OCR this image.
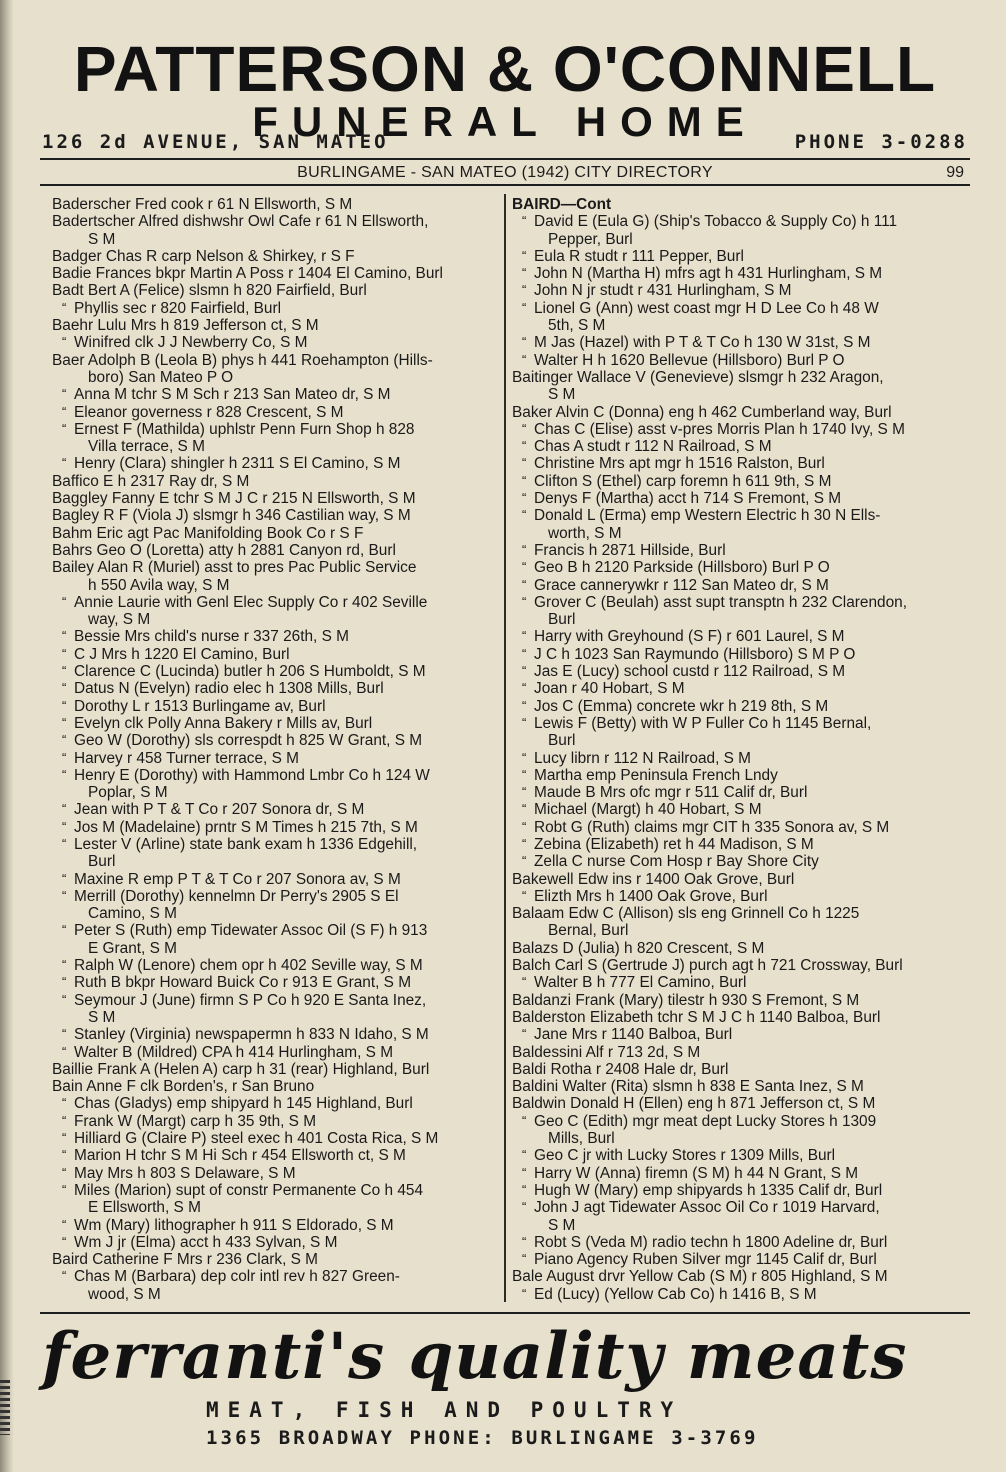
PATTERSON & O'CONNELL
FUNERAL HOME
126 2d AVENUE, SAN MATEO	PHONE 3-0288
BURLINGAME - SAN MATEO (1942) CITY DIRECTORY	99
Baderscher Fred cook r 61 N Ellsworth, S M
Badertscher Alfred dishwshr Owl Cafe r 61 N Ellsworth,
S M
Badger Chas R carp Nelson & Shirkey, r S F
Badie Frances bkpr Martin A Poss r 1404 El Camino, Burl
Badt Bert A (Felice) slsmn h 820 Fairfield, Burl
“ Phyllis sec r 820 Fairfield, Burl
Baehr Lulu Mrs h 819 Jefferson ct, S M
“ Winifred clk J J Newberry Co, S M
Baer Adolph B (Leola B) phys h 441 Roehampton (Hills-
boro) San Mateo P O
“ Anna M tchr S M Sch r 213 San Mateo dr, S M
“ Eleanor governess r 828 Crescent, S M
“ Ernest F (Mathilda) uphlstr Penn Furn Shop h 828
Villa terrace, S M
“ Henry (Clara) shingler h 2311 S El Camino, S M
Baffico E h 2317 Ray dr, S M
Baggley Fanny E tchr S M J C r 215 N Ellsworth, S M
Bagley R F (Viola J) slsmgr h 346 Castilian way, S M
Bahm Eric agt Pac Manifolding Book Co r S F
Bahrs Geo O (Loretta) atty h 2881 Canyon rd, Burl
Bailey Alan R (Muriel) asst to pres Pac Public Service
h 550 Avila way, S M
“ Annie Laurie with Genl Elec Supply Co r 402 Seville
way, S M
“ Bessie Mrs child's nurse r 337 26th, S M
“ C J Mrs h 1220 El Camino, Burl
“ Clarence C (Lucinda) butler h 206 S Humboldt, S M
“ Datus N (Evelyn) radio elec h 1308 Mills, Burl
“ Dorothy L r 1513 Burlingame av, Burl
“ Evelyn clk Polly Anna Bakery r Mills av, Burl
“ Geo W (Dorothy) sls correspdt h 825 W Grant, S M
“ Harvey r 458 Turner terrace, S M
“ Henry E (Dorothy) with Hammond Lmbr Co h 124 W
Poplar, S M
“ Jean with P T & T Co r 207 Sonora dr, S M
“ Jos M (Madelaine) prntr S M Times h 215 7th, S M
“ Lester V (Arline) state bank exam h 1336 Edgehill,
Burl
“ Maxine R emp P T & T Co r 207 Sonora av, S M
“ Merrill (Dorothy) kennelmn Dr Perry's 2905 S El
Camino, S M
“ Peter S (Ruth) emp Tidewater Assoc Oil (S F) h 913
E Grant, S M
“ Ralph W (Lenore) chem opr h 402 Seville way, S M
“ Ruth B bkpr Howard Buick Co r 913 E Grant, S M
“ Seymour J (June) firmn S P Co h 920 E Santa Inez,
S M
“ Stanley (Virginia) newspapermn h 833 N Idaho, S M
“ Walter B (Mildred) CPA h 414 Hurlingham, S M
Baillie Frank A (Helen A) carp h 31 (rear) Highland, Burl
Bain Anne F clk Borden's, r San Bruno
“ Chas (Gladys) emp shipyard h 145 Highland, Burl
“ Frank W (Margt) carp h 35 9th, S M
“ Hilliard G (Claire P) steel exec h 401 Costa Rica, S M
“ Marion H tchr S M Hi Sch r 454 Ellsworth ct, S M
“ May Mrs h 803 S Delaware, S M
“ Miles (Marion) supt of constr Permanente Co h 454
E Ellsworth, S M
“ Wm (Mary) lithographer h 911 S Eldorado, S M
“ Wm J jr (Elma) acct h 433 Sylvan, S M
Baird Catherine F Mrs r 236 Clark, S M
“ Chas M (Barbara) dep colr intl rev h 827 Green-
wood, S M
BAIRD—Cont
“ David E (Eula G) (Ship's Tobacco & Supply Co) h 111
Pepper, Burl
“ Eula R studt r 111 Pepper, Burl
“ John N (Martha H) mfrs agt h 431 Hurlingham, S M
“ John N jr studt r 431 Hurlingham, S M
“ Lionel G (Ann) west coast mgr H D Lee Co h 48 W
5th, S M
“ M Jas (Hazel) with P T & T Co h 130 W 31st, S M
“ Walter H h 1620 Bellevue (Hillsboro) Burl P O
Baitinger Wallace V (Genevieve) slsmgr h 232 Aragon,
S M
Baker Alvin C (Donna) eng h 462 Cumberland way, Burl
“ Chas C (Elise) asst v-pres Morris Plan h 1740 Ivy, S M
“ Chas A studt r 112 N Railroad, S M
“ Christine Mrs apt mgr h 1516 Ralston, Burl
“ Clifton S (Ethel) carp foremn h 611 9th, S M
“ Denys F (Martha) acct h 714 S Fremont, S M
“ Donald L (Erma) emp Western Electric h 30 N Ells-
worth, S M
“ Francis h 2871 Hillside, Burl
“ Geo B h 2120 Parkside (Hillsboro) Burl P O
“ Grace cannerywkr r 112 San Mateo dr, S M
“ Grover C (Beulah) asst supt transptn h 232 Clarendon,
Burl
“ Harry with Greyhound (S F) r 601 Laurel, S M
“ J C h 1023 San Raymundo (Hillsboro) S M P O
“ Jas E (Lucy) school custd r 112 Railroad, S M
“ Joan r 40 Hobart, S M
“ Jos C (Emma) concrete wkr h 219 8th, S M
“ Lewis F (Betty) with W P Fuller Co h 1145 Bernal,
Burl
“ Lucy librn r 112 N Railroad, S M
“ Martha emp Peninsula French Lndy
“ Maude B Mrs ofc mgr r 511 Calif dr, Burl
“ Michael (Margt) h 40 Hobart, S M
“ Robt G (Ruth) claims mgr CIT h 335 Sonora av, S M
“ Zebina (Elizabeth) ret h 44 Madison, S M
“ Zella C nurse Com Hosp r Bay Shore City
Bakewell Edw ins r 1400 Oak Grove, Burl
“ Elizth Mrs h 1400 Oak Grove, Burl
Balaam Edw C (Allison) sls eng Grinnell Co h 1225
Bernal, Burl
Balazs D (Julia) h 820 Crescent, S M
Balch Carl S (Gertrude J) purch agt h 721 Crossway, Burl
“ Walter B h 777 El Camino, Burl
Baldanzi Frank (Mary) tilestr h 930 S Fremont, S M
Balderston Elizabeth tchr S M J C h 1140 Balboa, Burl
“ Jane Mrs r 1140 Balboa, Burl
Baldessini Alf r 713 2d, S M
Baldi Rotha r 2408 Hale dr, Burl
Baldini Walter (Rita) slsmn h 838 E Santa Inez, S M
Baldwin Donald H (Ellen) eng h 871 Jefferson ct, S M
“ Geo C (Edith) mgr meat dept Lucky Stores h 1309
Mills, Burl
“ Geo C jr with Lucky Stores r 1309 Mills, Burl
“ Harry W (Anna) firemn (S M) h 44 N Grant, S M
“ Hugh W (Mary) emp shipyards h 1335 Calif dr, Burl
“ John J agt Tidewater Assoc Oil Co r 1019 Harvard,
S M
“ Robt S (Veda M) radio techn h 1800 Adeline dr, Burl
“ Piano Agency Ruben Silver mgr 1145 Calif dr, Burl
Bale August drvr Yellow Cab (S M) r 805 Highland, S M
“ Ed (Lucy) (Yellow Cab Co) h 1416 B, S M
ferranti's quality meats
MEAT, FISH AND POULTRY
1365 BROADWAY PHONE: BURLINGAME 3-3769
